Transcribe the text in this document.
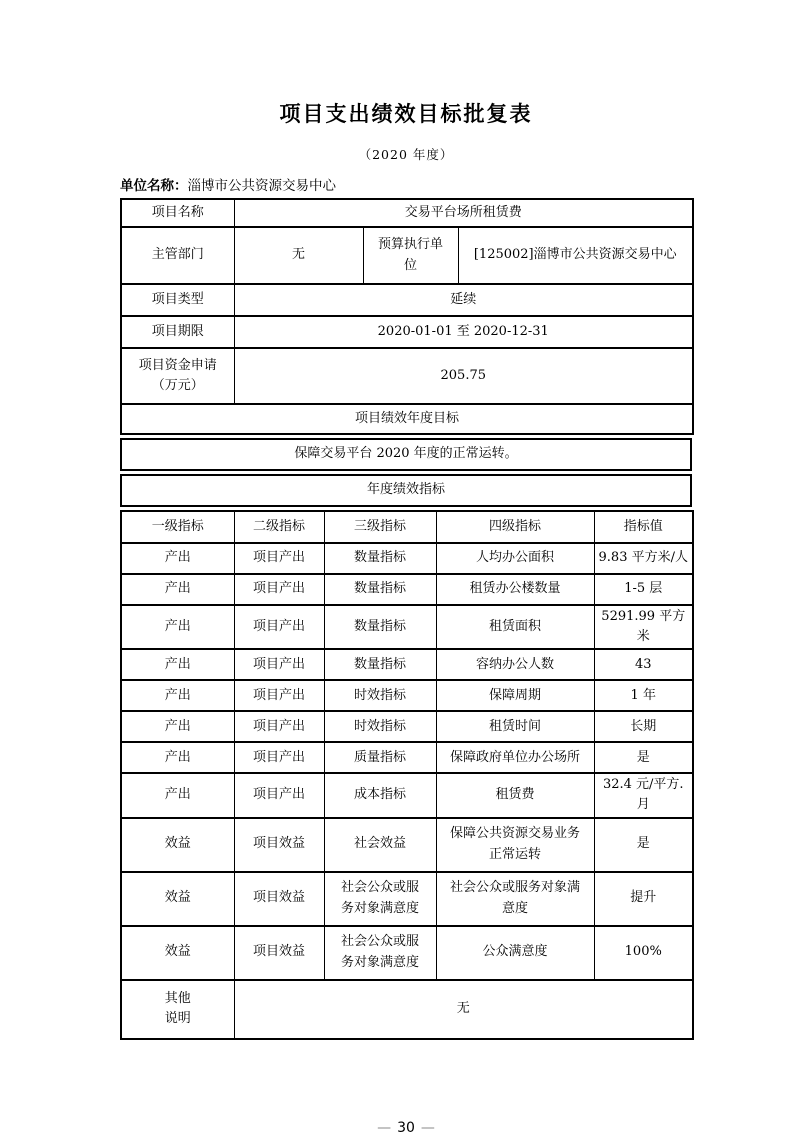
项目支出绩效目标批复表
（2020 年度）
单位名称：淄博市公共资源交易中心
项目名称	交易平台场所租赁费		
主管部门	无	预算执行单位	[125002]淄博市公共资源交易中心
项目类型	延续		
项目期限	2020-01-01 至 2020-12-31		

项目资金申请（万元）	205.75		
项目绩效年度目标			
保障交易平台 2020 年度的正常运转。
年度绩效指标
一级指标	二级指标	三级指标	四级指标	指标值
产出	项目产出	数量指标	人均办公面积	9.83 平方米/人
产出	项目产出	数量指标	租赁办公楼数量	1-5 层
产出	项目产出	数量指标	租赁面积	5291.99 平方米
产出	项目产出	数量指标	容纳办公人数	43
产出	项目产出	时效指标	保障周期	1 年
产出	项目产出	时效指标	租赁时间	长期
产出	项目产出	质量指标	保障政府单位办公场所	是
产出	项目产出	成本指标	租赁费	32.4 元/平方.月
效益	项目效益	社会效益	保障公共资源交易业务正常运转	是
效益	项目效益	社会公众或服务对象满意度	社会公众或服务对象满意度	提升
效益	项目效益	社会公众或服务对象满意度	公众满意度	100%

其他说明	无			
— 30 —
